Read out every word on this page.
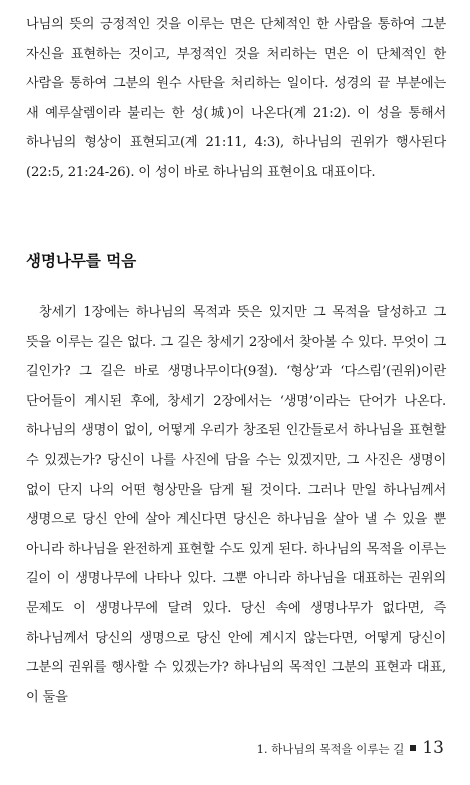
나님의 뜻의 긍정적인 것을 이루는 면은 단체적인 한 사람을 통하여 그분 자신을 표현하는 것이고, 부정적인 것을 처리하는 면은 이 단체적인 한 사람을 통하여 그분의 원수 사탄을 처리하는 일이다. 성경의 끝 부분에는 새 예루살렘이라 불리는 한 성(城)이 나온다(계 21:2). 이 성을 통해서 하나님의 형상이 표현되고(계 21:11, 4:3), 하나님의 권위가 행사된다(22:5, 21:24-26). 이 성이 바로 하나님의 표현이요 대표이다.

생명나무를 먹음

창세기 1장에는 하나님의 목적과 뜻은 있지만 그 목적을 달성하고 그 뜻을 이루는 길은 없다. 그 길은 창세기 2장에서 찾아볼 수 있다. 무엇이 그 길인가? 그 길은 바로 생명나무이다(9절). ‘형상’과 ‘다스림’(권위)이란 단어들이 계시된 후에, 창세기 2장에서는 ‘생명’이라는 단어가 나온다. 하나님의 생명이 없이, 어떻게 우리가 창조된 인간들로서 하나님을 표현할 수 있겠는가? 당신이 나를 사진에 담을 수는 있겠지만, 그 사진은 생명이 없이 단지 나의 어떤 형상만을 담게 될 것이다. 그러나 만일 하나님께서 생명으로 당신 안에 살아 계신다면 당신은 하나님을 살아 낼 수 있을 뿐 아니라 하나님을 완전하게 표현할 수도 있게 된다. 하나님의 목적을 이루는 길이 이 생명나무에 나타나 있다. 그뿐 아니라 하나님을 대표하는 권위의 문제도 이 생명나무에 달려 있다. 당신 속에 생명나무가 없다면, 즉 하나님께서 당신의 생명으로 당신 안에 계시지 않는다면, 어떻게 당신이 그분의 권위를 행사할 수 있겠는가? 하나님의 목적인 그분의 표현과 대표, 이 둘을

1. 하나님의 목적을 이루는 길 13
